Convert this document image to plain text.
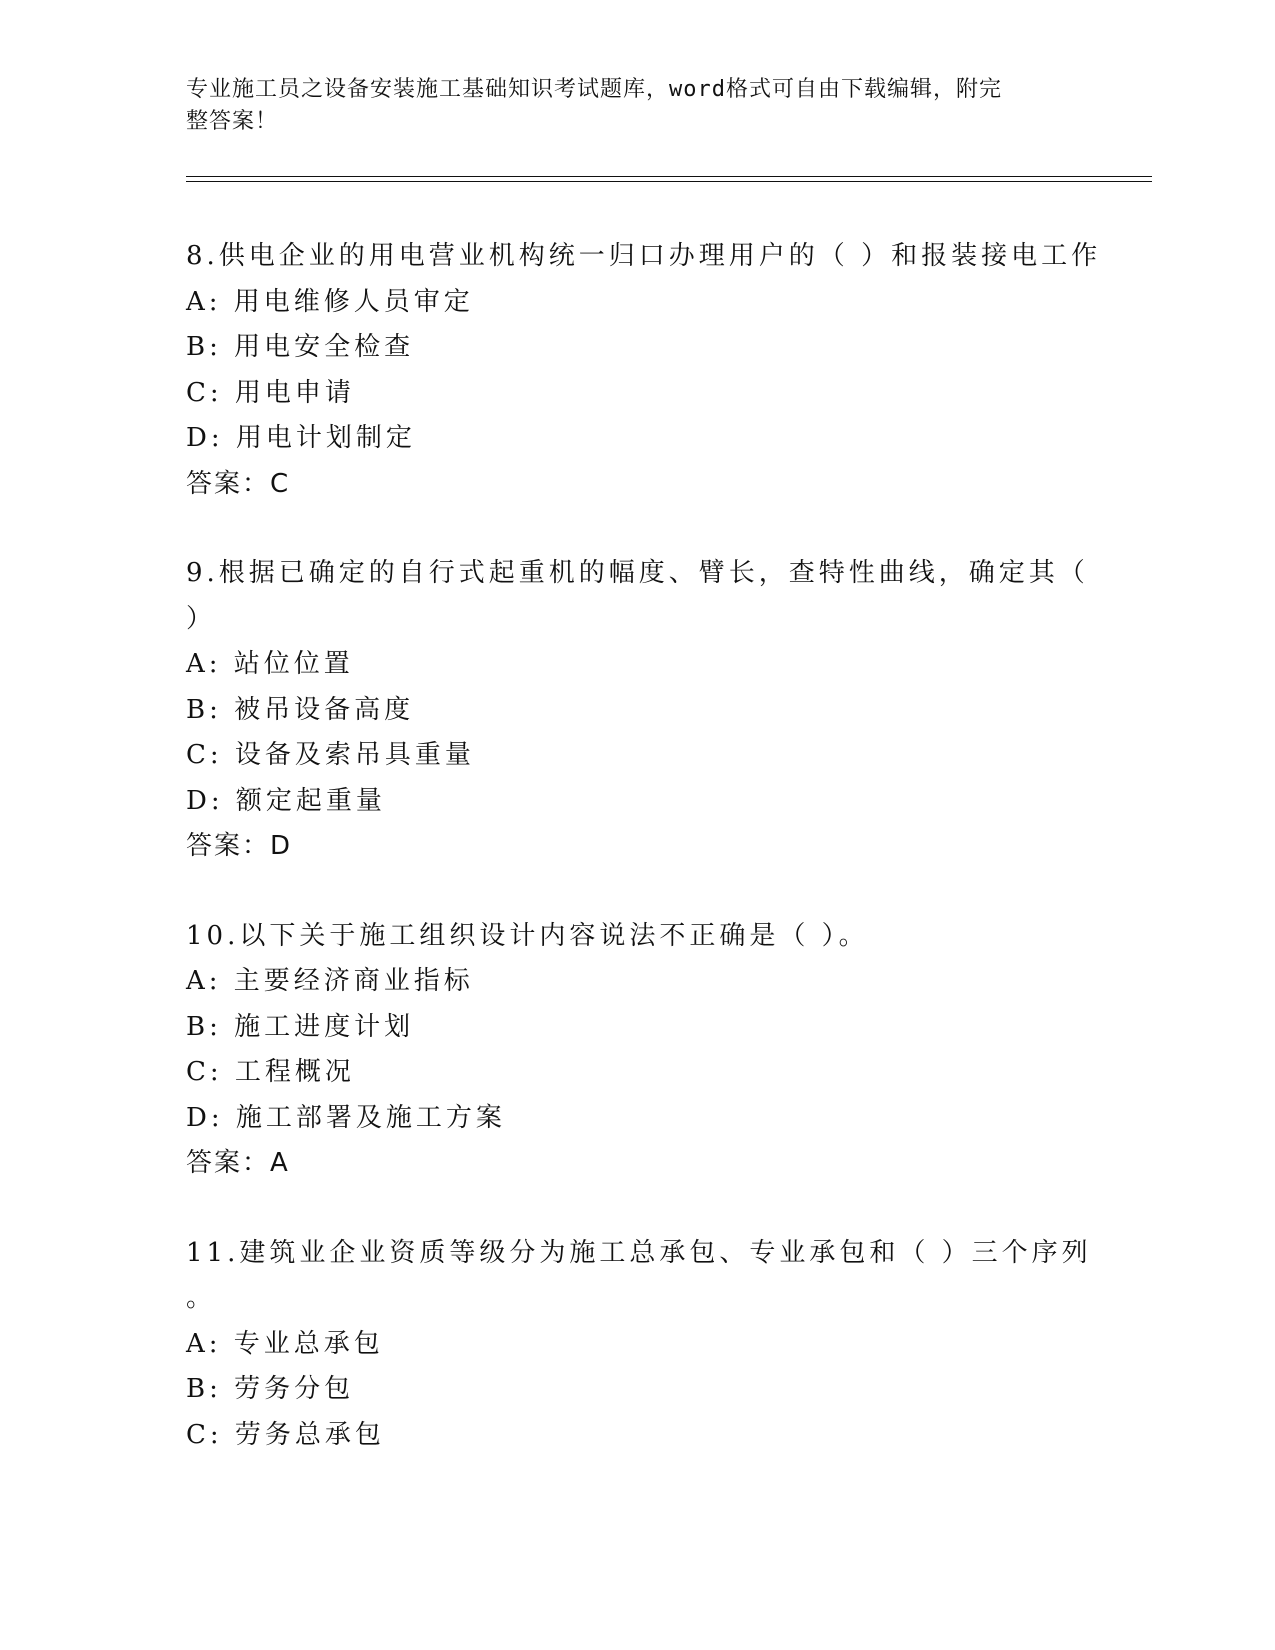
专业施工员之设备安装施工基础知识考试题库，word格式可自由下载编辑，附完
整答案！
8.供电企业的用电营业机构统一归口办理用户的（ ）和报装接电工作
A: 用电维修人员审定
B: 用电安全检查
C: 用电申请
D: 用电计划制定
答案：C
9.根据已确定的自行式起重机的幅度、臂长，查特性曲线，确定其（
）
A: 站位位置
B: 被吊设备高度
C: 设备及索吊具重量
D: 额定起重量
答案：D
10.以下关于施工组织设计内容说法不正确是（ ）。
A: 主要经济商业指标
B: 施工进度计划
C: 工程概况
D: 施工部署及施工方案
答案：A
11.建筑业企业资质等级分为施工总承包、专业承包和（ ）三个序列
。
A: 专业总承包
B: 劳务分包
C: 劳务总承包
